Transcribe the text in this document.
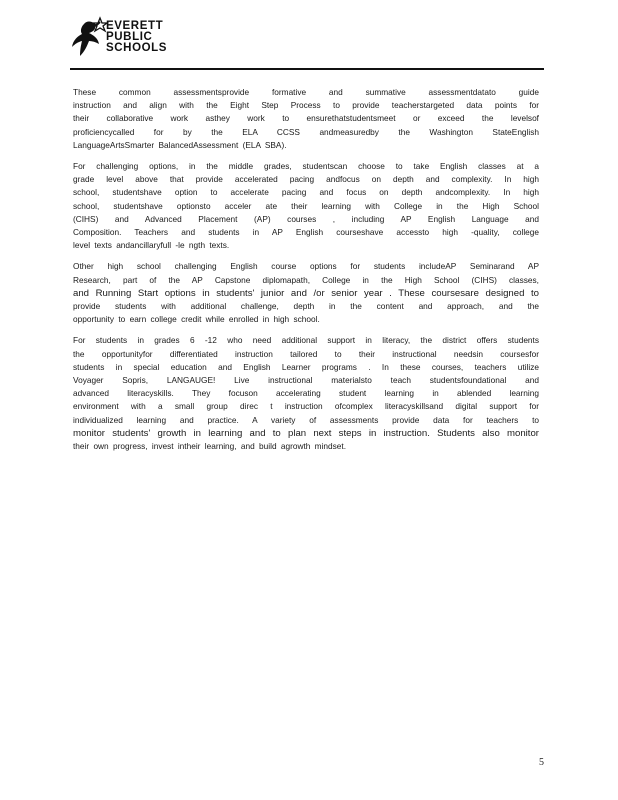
EVERETT
PUBLIC
SCHOOLS
These common assessmentsprovide formative and summative assessmentdatato guide
instruction and align with the Eight Step Process to provide teacherstargeted data points for
their collaborative work asthey work to ensurethatstudentsmeet or exceed the levelsof
proficiencycalled for by the ELA CCSS andmeasuredby the Washington StateEnglish
LanguageArtsSmarter BalancedAssessment (ELA SBA).
For challenging options, in the middle grades, studentscan choose to take English classes at a
grade level above that provide accelerated pacing andfocus on depth and complexity. In high
school, studentshave option to accelerate pacing and focus on depth andcomplexity. In high
school, studentshave optionsto acceler ate their learning with College in the High School
(CIHS) and Advanced Placement (AP) courses , including AP English Language and
Composition. Teachers and students in AP English courseshave accessto high -quality, college
level texts andancillaryfull -le ngth texts.
Other high school challenging English course options for students includeAP Seminarand AP
Research, part of the AP Capstone diplomapath, College in the High School (CIHS) classes,
and Running Start options in students' junior and /or senior year . These coursesare designed to
provide students with additional challenge, depth in the content and approach, and the
opportunity to earn college credit while enrolled in high school.
For students in grades 6 -12 who need additional support in literacy, the district offers students
the opportunityfor differentiated instruction tailored to their instructional needsin coursesfor
students in special education and English Learner programs . In these courses, teachers utilize
Voyager Sopris, LANGAUGE! Live instructional materialsto teach studentsfoundational and
advanced literacyskills. They focuson accelerating student learning in ablended learning
environment with a small group direc t instruction ofcomplex literacyskillsand digital support for
individualized learning and practice. A variety of assessments provide data for teachers to
monitor students' growth in learning and to plan next steps in instruction. Students also monitor
their own progress, invest intheir learning, and build agrowth mindset.
5
